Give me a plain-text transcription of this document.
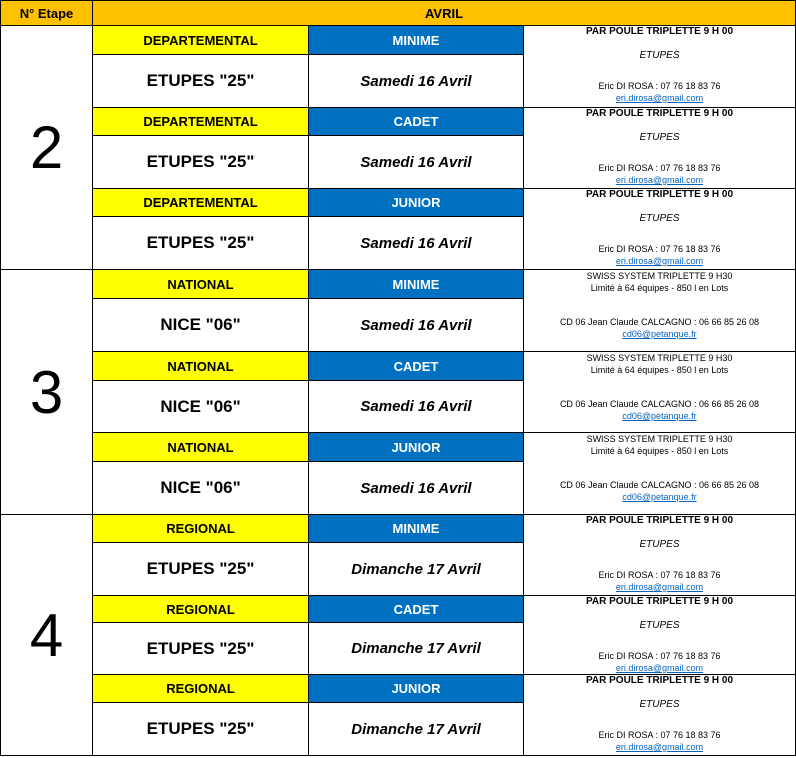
N° Etape	AVRIL		
2	DEPARTEMENTAL	MINIME	PAR POULE TRIPLETTE 9 H 00
ETUPES
Eric DI ROSA : 07 76 18 83 76
eri.dirosa@gmail.com

	ETUPES "25"	Samedi 16 Avril	
	DEPARTEMENTAL	CADET	PAR POULE TRIPLETTE 9 H 00
ETUPES
Eric DI ROSA : 07 76 18 83 76
eri.dirosa@gmail.com

	ETUPES "25"	Samedi 16 Avril	
	DEPARTEMENTAL	JUNIOR	PAR POULE TRIPLETTE 9 H 00
ETUPES
Eric DI ROSA : 07 76 18 83 76
eri.dirosa@gmail.com

	ETUPES "25"	Samedi 16 Avril	
3	NATIONAL	MINIME	SWISS SYSTEM TRIPLETTE 9 H30
Limité à 64 équipes - 850 l en Lots
CD 06 Jean Claude CALCAGNO : 06 66 85 26 08
cd06@petanque.fr

	NICE "06"	Samedi 16 Avril	
	NATIONAL	CADET	SWISS SYSTEM TRIPLETTE 9 H30
Limité à 64 équipes - 850 l en Lots
CD 06 Jean Claude CALCAGNO : 06 66 85 26 08
cd06@petanque.fr

	NICE "06"	Samedi 16 Avril	
	NATIONAL	JUNIOR	SWISS SYSTEM TRIPLETTE 9 H30
Limité à 64 équipes - 850 l en Lots
CD 06 Jean Claude CALCAGNO : 06 66 85 26 08
cd06@petanque.fr

	NICE "06"	Samedi 16 Avril	
4	REGIONAL	MINIME	PAR POULE TRIPLETTE 9 H 00
ETUPES
Eric DI ROSA : 07 76 18 83 76
eri.dirosa@gmail.com

	ETUPES "25"	Dimanche 17 Avril	
	REGIONAL	CADET	PAR POULE TRIPLETTE 9 H 00
ETUPES
Eric DI ROSA : 07 76 18 83 76
eri.dirosa@gmail.com

	ETUPES "25"	Dimanche 17 Avril	
	REGIONAL	JUNIOR	PAR POULE TRIPLETTE 9 H 00
ETUPES
Eric DI ROSA : 07 76 18 83 76
eri.dirosa@gmail.com

	ETUPES "25"	Dimanche 17 Avril	
